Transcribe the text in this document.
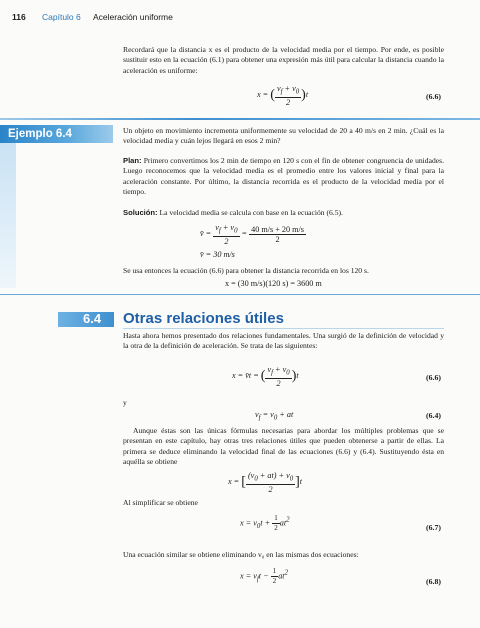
116 Capítulo 6 Aceleración uniforme

Recordará que la distancia x es el producto de la velocidad media por el tiempo. Por ende, es posible sustituir esto en la ecuación (6.1) para obtener una expresión más útil para calcular la distancia cuando la aceleración es uniforme:

x = ( $\frac{v_f + v_0}{2} )t$	(6.6)
Ejemplo 6.4	Un objeto en movimiento incrementa uniformemente su velocidad de 20 a 40 m/s en 2 min. ¿Cuál es la velocidad media y cuán lejos llegará en esos 2 min?

Plan: Primero convertimos los 2 min de tiempo en 120 s con el fin de obtener congruencia de unidades. Luego reconocemos que la velocidad media es el promedio entre los valores inicial y final para la aceleración constante. Por último, la distancia recorrida es el producto de la velocidad media por el tiempo.

Solución: La velocidad media se calcula con base en la ecuación (6.5).

v̄ = $\frac{v_f + v_0}{2} = \frac{40 m/s + 20 m/s}{2}$
v̄ = 30 m/s

Se usa entonces la ecuación (6.6) para obtener la distancia recorrida en los 120 s.

x = (30 m/s)(120 s) = 3600 m
6.4 Otras relaciones útiles

Hasta ahora hemos presentado dos relaciones fundamentales. Una surgió de la definición de velocidad y la otra de la definición de aceleración. Se trata de las siguientes:

x = v̄t = ( $\frac{v_f + v_0}{2} )t$	(6.6)
y
$v_f = v_0$ + at	(6.4)

Aunque éstas son las únicas fórmulas necesarias para abordar los múltiples problemas que se presentan en este capítulo, hay otras tres relaciones útiles que pueden obtenerse a partir de ellas. La primera se deduce eliminando la velocidad final de las ecuaciones (6.6) y (6.4). Sustituyendo ésta en aquélla se obtiene

x = [ $\frac{(v_0 + at) + v_0}{2} ]t$
Al simplificar se obtiene
$x = v_0t + \frac{1}{2} at^2$
(6.7)
Una ecuación similar se obtiene eliminando v₀ en las mismas dos ecuaciones:
$x = v_ft - \frac{1}{2} at^2$
(6.8)
